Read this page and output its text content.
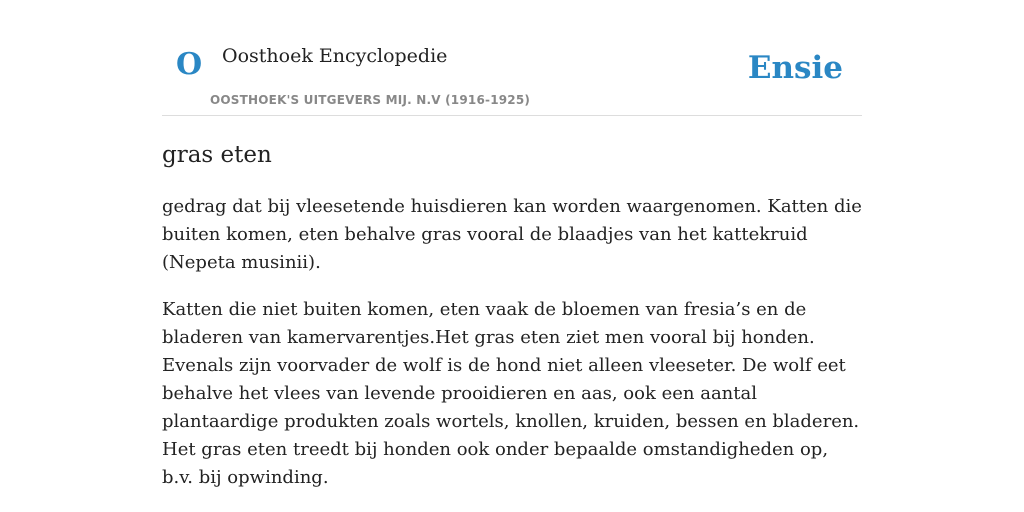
O Oosthoek Encyclopedie
OOSTHOEK'S UITGEVERS MIJ. N.V (1916-1925)
Ensie
gras eten

gedrag dat bij vleesetende huisdieren kan worden waargenomen. Katten die buiten komen, eten behalve gras vooral de blaadjes van het kattekruid (Nepeta musinii).

Katten die niet buiten komen, eten vaak de bloemen van fresia’s en de bladeren van kamervarentjes.Het gras eten ziet men vooral bij honden. Evenals zijn voorvader de wolf is de hond niet alleen vleeseter. De wolf eet behalve het vlees van levende prooidieren en aas, ook een aantal plantaardige produkten zoals wortels, knollen, kruiden, bessen en bladeren. Het gras eten treedt bij honden ook onder bepaalde omstandigheden op, b.v. bij opwinding.
